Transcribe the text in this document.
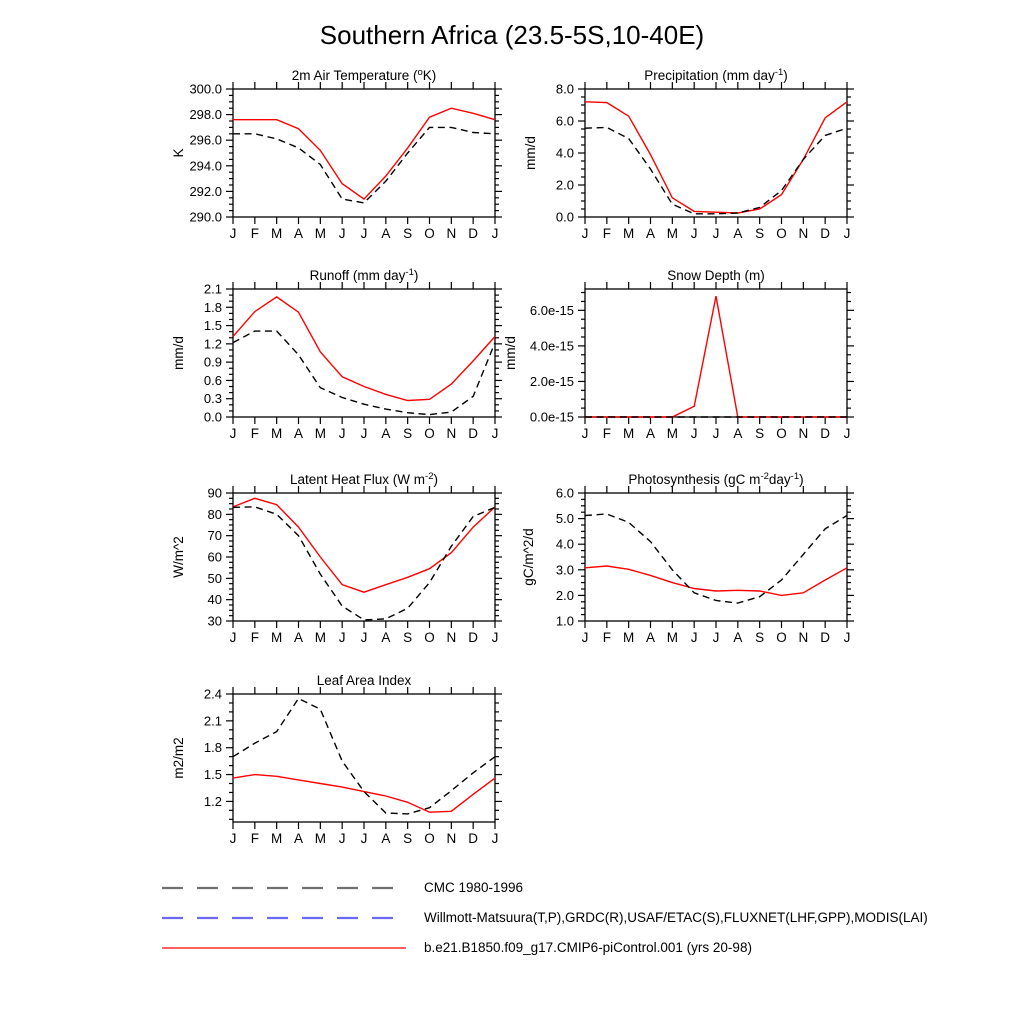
Southern Africa (23.5-5S,10-40E)
290.0
292.0
294.0
296.0
298.0
300.0
J F M A M J J A S O N D J
2m Air Temperature ($^o$K)
K
0.0
2.0
4.0
6.0
8.0
J F M A M J J A S O N D J
Precipitation (mm day$^{-1}$)
mm/d
0.0
0.3
0.6
0.9
1.2
1.5
1.8
2.1
J F M A M J J A S O N D J
Runoff (mm day$^{-1}$)
mm/d
0.0e-15
2.0e-15
4.0e-15
6.0e-15
J F M A M J J A S O N D J
Snow Depth (m)
mm/d
30
40
50
60
70
80
90
J F M A M J J A S O N D J
Latent Heat Flux (W $m^{-2}$)
W/m^2
1.0
2.0
3.0
4.0
5.0
6.0
J F M A M J J A S O N D J
Photosynthesis (gC $m^{-2}day^{-1}$)
gC/m^2/d
1.2
1.5
1.8
2.1
2.4
J F M A M J J A S O N D J
Leaf Area Index
m2/m2
CMC 1980-1996
Willmott-Matsuura(T,P),GRDC(R),USAF/ETAC(S),FLUXNET(LHF,GPP),MODIS(LAI)
b.e21.B1850.f09_g17.CMIP6-piControl.001 (yrs 20-98)
